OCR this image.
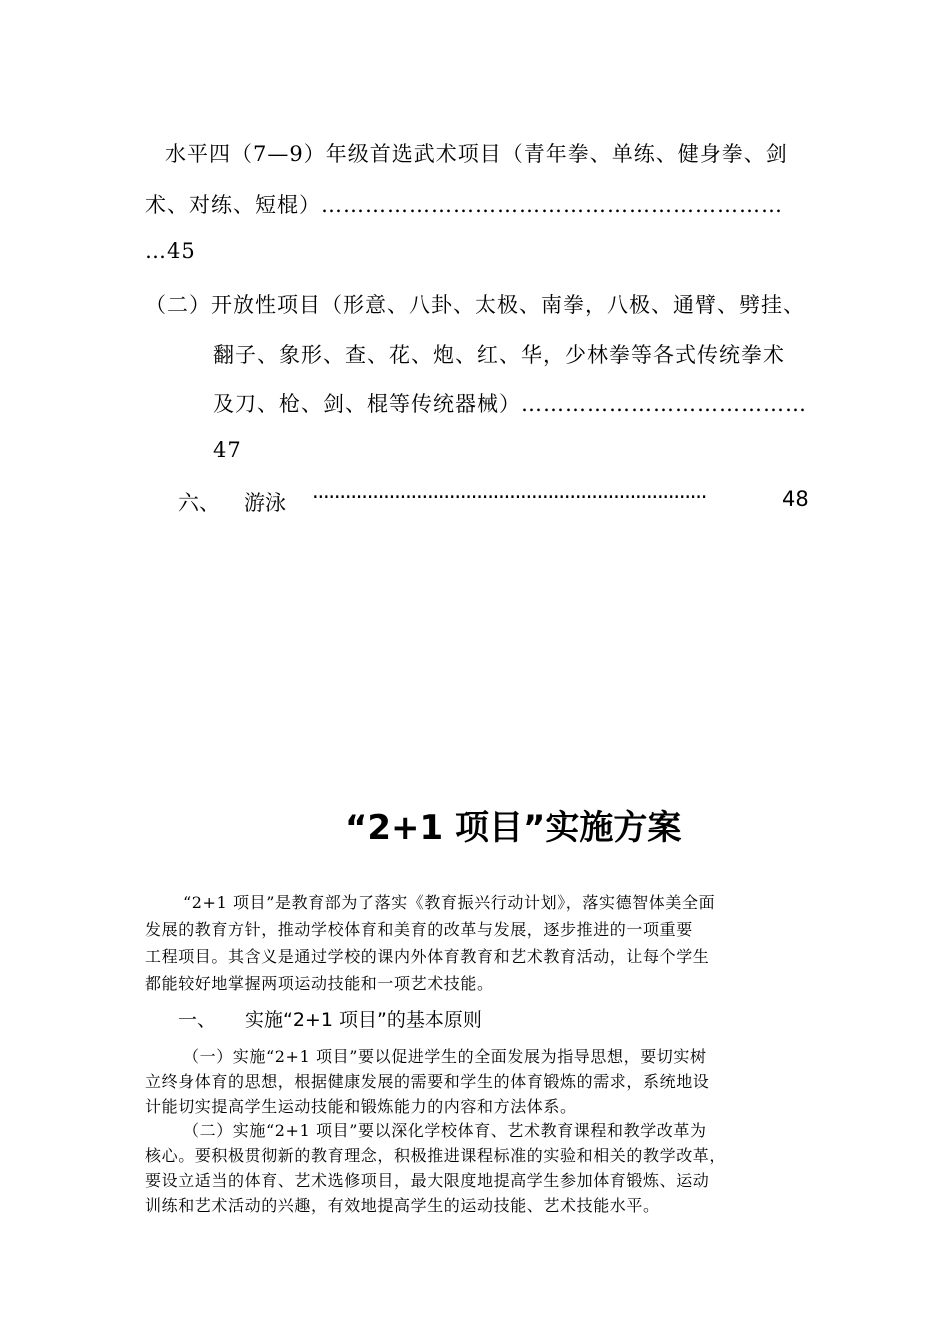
水平四（7—9）年级首选武术项目（青年拳、单练、健身拳、剑
术、对练、短棍）………………………………………………………
…45
（二）开放性项目（形意、八卦、太极、南拳，八极、通臂、劈挂、
翻子、象形、查、花、炮、红、华，少林拳等各式传统拳术
及刀、枪、剑、棍等传统器械）…………………………………
47
六、 游泳 ········································································	48
“2+1 项目”实施方案
“2+1 项目”是教育部为了落实《教育振兴行动计划》，落实德智体美全面
发展的教育方针，推动学校体育和美育的改革与发展，逐步推进的一项重要
工程项目。其含义是通过学校的课内外体育教育和艺术教育活动，让每个学生
都能较好地掌握两项运动技能和一项艺术技能。
一、 实施“2+1 项目”的基本原则
（一）实施“2+1 项目”要以促进学生的全面发展为指导思想，要切实树
立终身体育的思想，根据健康发展的需要和学生的体育锻炼的需求，系统地设
计能切实提高学生运动技能和锻炼能力的内容和方法体系。
（二）实施“2+1 项目”要以深化学校体育、艺术教育课程和教学改革为
核心。要积极贯彻新的教育理念，积极推进课程标准的实验和相关的教学改革，
要设立适当的体育、艺术选修项目，最大限度地提高学生参加体育锻炼、运动
训练和艺术活动的兴趣，有效地提高学生的运动技能、艺术技能水平。
